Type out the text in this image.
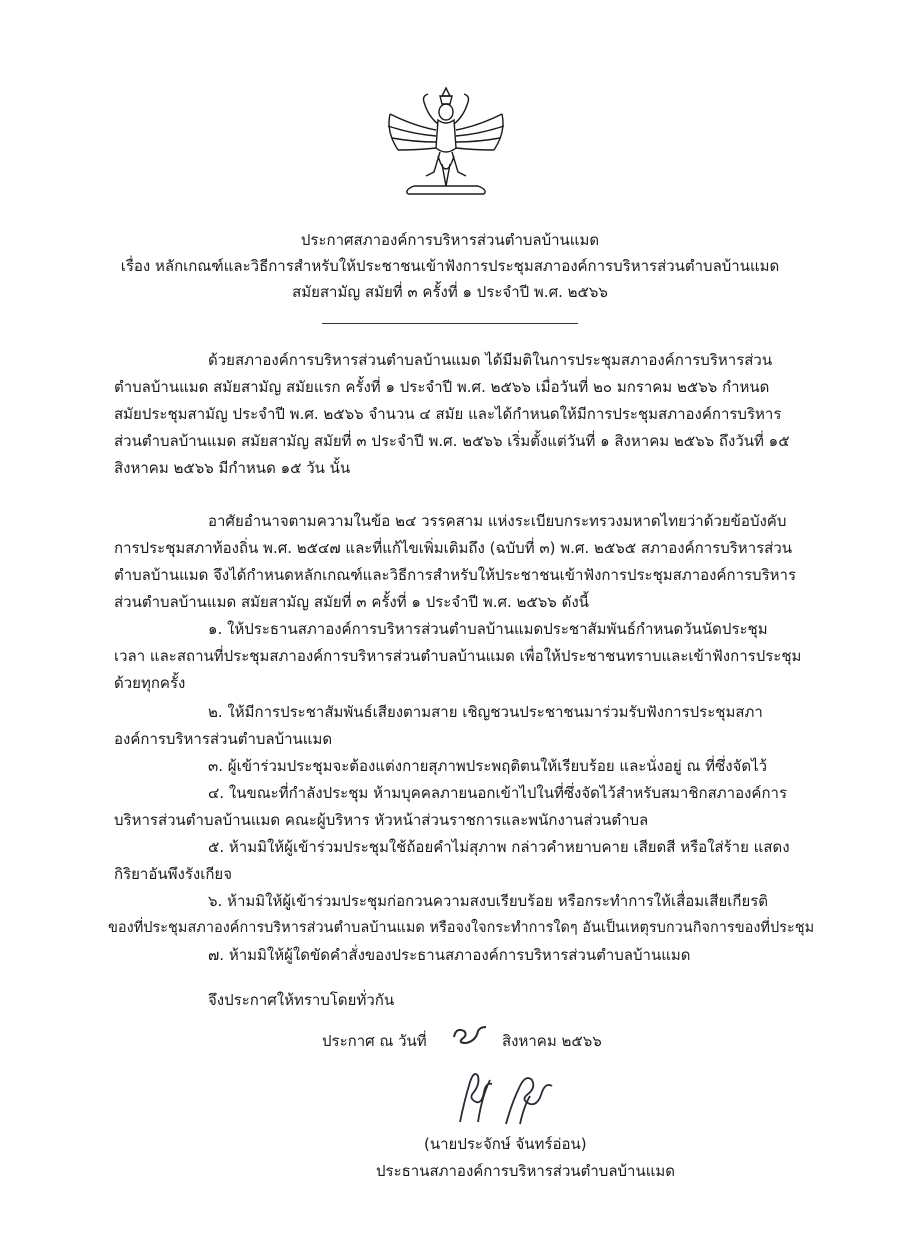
ประกาศสภาองค์การบริหารส่วนตำบลบ้านแมด
เรื่อง หลักเกณฑ์และวิธีการสำหรับให้ประชาชนเข้าฟังการประชุมสภาองค์การบริหารส่วนตำบลบ้านแมด
สมัยสามัญ สมัยที่ ๓ ครั้งที่ ๑ ประจำปี พ.ศ. ๒๕๖๖
ด้วยสภาองค์การบริหารส่วนตำบลบ้านแมด ได้มีมติในการประชุมสภาองค์การบริหารส่วน
ตำบลบ้านแมด สมัยสามัญ สมัยแรก ครั้งที่ ๑ ประจำปี พ.ศ. ๒๕๖๖ เมื่อวันที่ ๒๐ มกราคม ๒๕๖๖ กำหนด
สมัยประชุมสามัญ ประจำปี พ.ศ. ๒๕๖๖ จำนวน ๔ สมัย และได้กำหนดให้มีการประชุมสภาองค์การบริหาร
ส่วนตำบลบ้านแมด สมัยสามัญ สมัยที่ ๓ ประจำปี พ.ศ. ๒๕๖๖ เริ่มตั้งแต่วันที่ ๑ สิงหาคม ๒๕๖๖ ถึงวันที่ ๑๕
สิงหาคม ๒๕๖๖ มีกำหนด ๑๕ วัน นั้น
อาศัยอำนาจตามความในข้อ ๒๔ วรรคสาม แห่งระเบียบกระทรวงมหาดไทยว่าด้วยข้อบังคับ
การประชุมสภาท้องถิ่น พ.ศ. ๒๕๔๗ และที่แก้ไขเพิ่มเติมถึง (ฉบับที่ ๓) พ.ศ. ๒๕๖๕ สภาองค์การบริหารส่วน
ตำบลบ้านแมด จึงได้กำหนดหลักเกณฑ์และวิธีการสำหรับให้ประชาชนเข้าฟังการประชุมสภาองค์การบริหาร
ส่วนตำบลบ้านแมด สมัยสามัญ สมัยที่ ๓ ครั้งที่ ๑ ประจำปี พ.ศ. ๒๕๖๖ ดังนี้
๑. ให้ประธานสภาองค์การบริหารส่วนตำบลบ้านแมดประชาสัมพันธ์กำหนดวันนัดประชุม
เวลา และสถานที่ประชุมสภาองค์การบริหารส่วนตำบลบ้านแมด เพื่อให้ประชาชนทราบและเข้าฟังการประชุม
ด้วยทุกครั้ง
๒. ให้มีการประชาสัมพันธ์เสียงตามสาย เชิญชวนประชาชนมาร่วมรับฟังการประชุมสภา
องค์การบริหารส่วนตำบลบ้านแมด
๓. ผู้เข้าร่วมประชุมจะต้องแต่งกายสุภาพประพฤติตนให้เรียบร้อย และนั่งอยู่ ณ ที่ซึ่งจัดไว้
๔. ในขณะที่กำลังประชุม ห้ามบุคคลภายนอกเข้าไปในที่ซึ่งจัดไว้สำหรับสมาชิกสภาองค์การ
บริหารส่วนตำบลบ้านแมด คณะผู้บริหาร หัวหน้าส่วนราชการและพนักงานส่วนตำบล
๕. ห้ามมิให้ผู้เข้าร่วมประชุมใช้ถ้อยคำไม่สุภาพ กล่าวคำหยาบคาย เสียดสี หรือใส่ร้าย แสดง
กิริยาอันพึงรังเกียจ
๖. ห้ามมิให้ผู้เข้าร่วมประชุมก่อกวนความสงบเรียบร้อย หรือกระทำการให้เสื่อมเสียเกียรติ
ของที่ประชุมสภาองค์การบริหารส่วนตำบลบ้านแมด หรือจงใจกระทำการใดๆ อันเป็นเหตุรบกวนกิจการของที่ประชุม
๗. ห้ามมิให้ผู้ใดขัดคำสั่งของประธานสภาองค์การบริหารส่วนตำบลบ้านแมด
จึงประกาศให้ทราบโดยทั่วกัน
ประกาศ ณ วันที่	สิงหาคม ๒๕๖๖
(นายประจักษ์ จันทร์อ่อน)
ประธานสภาองค์การบริหารส่วนตำบลบ้านแมด
